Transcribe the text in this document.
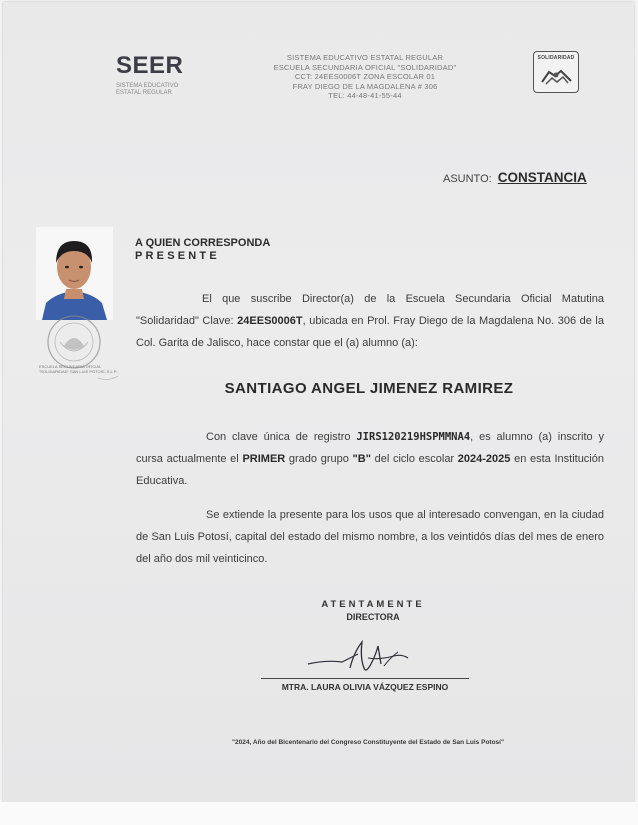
SEER
SISTEMA EDUCATIVO
ESTATAL REGULAR
SISTEMA EDUCATIVO ESTATAL REGULAR
ESCUELA SECUNDARIA OFICIAL "SOLIDARIDAD"
CCT: 24EES0006T ZONA ESCOLAR 01
FRAY DIEGO DE LA MAGDALENA # 306
TEL: 44-48-41-55-44
SOLIDARIDAD
ASUNTO: CONSTANCIA
ESCUELA SECUNDARIA OFICIAL "SOLIDARIDAD" SAN LUIS POTOSÍ, S.L.P.
A QUIEN CORRESPONDA
PRESENTE
El que suscribe Director(a) de la Escuela Secundaria Oficial Matutina "Solidaridad" Clave: 24EES0006T, ubicada en Prol. Fray Diego de la Magdalena No. 306 de la Col. Garita de Jalisco, hace constar que el (a) alumno (a):
SANTIAGO ANGEL JIMENEZ RAMIREZ
Con clave única de registro JIRS120219HSPMMNA4, es alumno (a) inscrito y cursa actualmente el PRIMER grado grupo "B" del ciclo escolar 2024-2025 en esta Institución Educativa.
Se extiende la presente para los usos que al interesado convengan, en la ciudad de San Luis Potosí, capital del estado del mismo nombre, a los veintidós días del mes de enero del año dos mil veinticinco.
ATENTAMENTE
DIRECTORA
MTRA. LAURA OLIVIA VÁZQUEZ ESPINO
"2024, Año del Bicentenario del Congreso Constituyente del Estado de San Luis Potosí"
